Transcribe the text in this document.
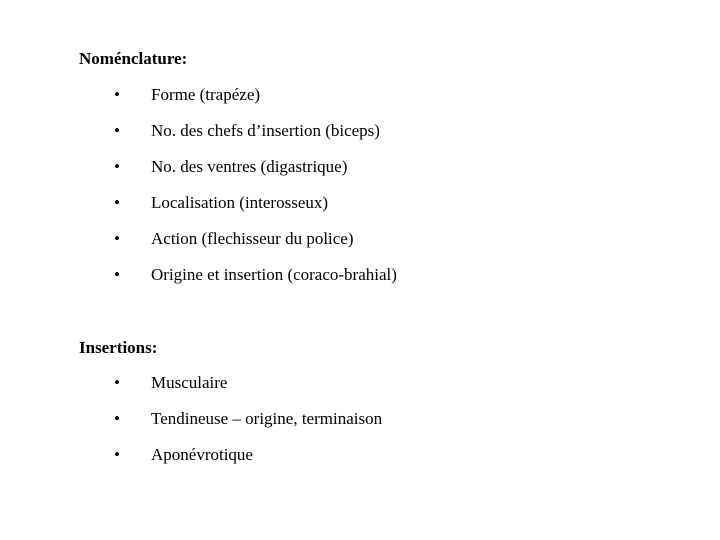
Noménclature:
• Forme (trapéze)
• No. des chefs d’insertion (biceps)
• No. des ventres (digastrique)
• Localisation (interosseux)
• Action (flechisseur du police)
• Origine et insertion (coraco-brahial)
Insertions:
• Musculaire
• Tendineuse – origine, terminaison
• Aponévrotique
